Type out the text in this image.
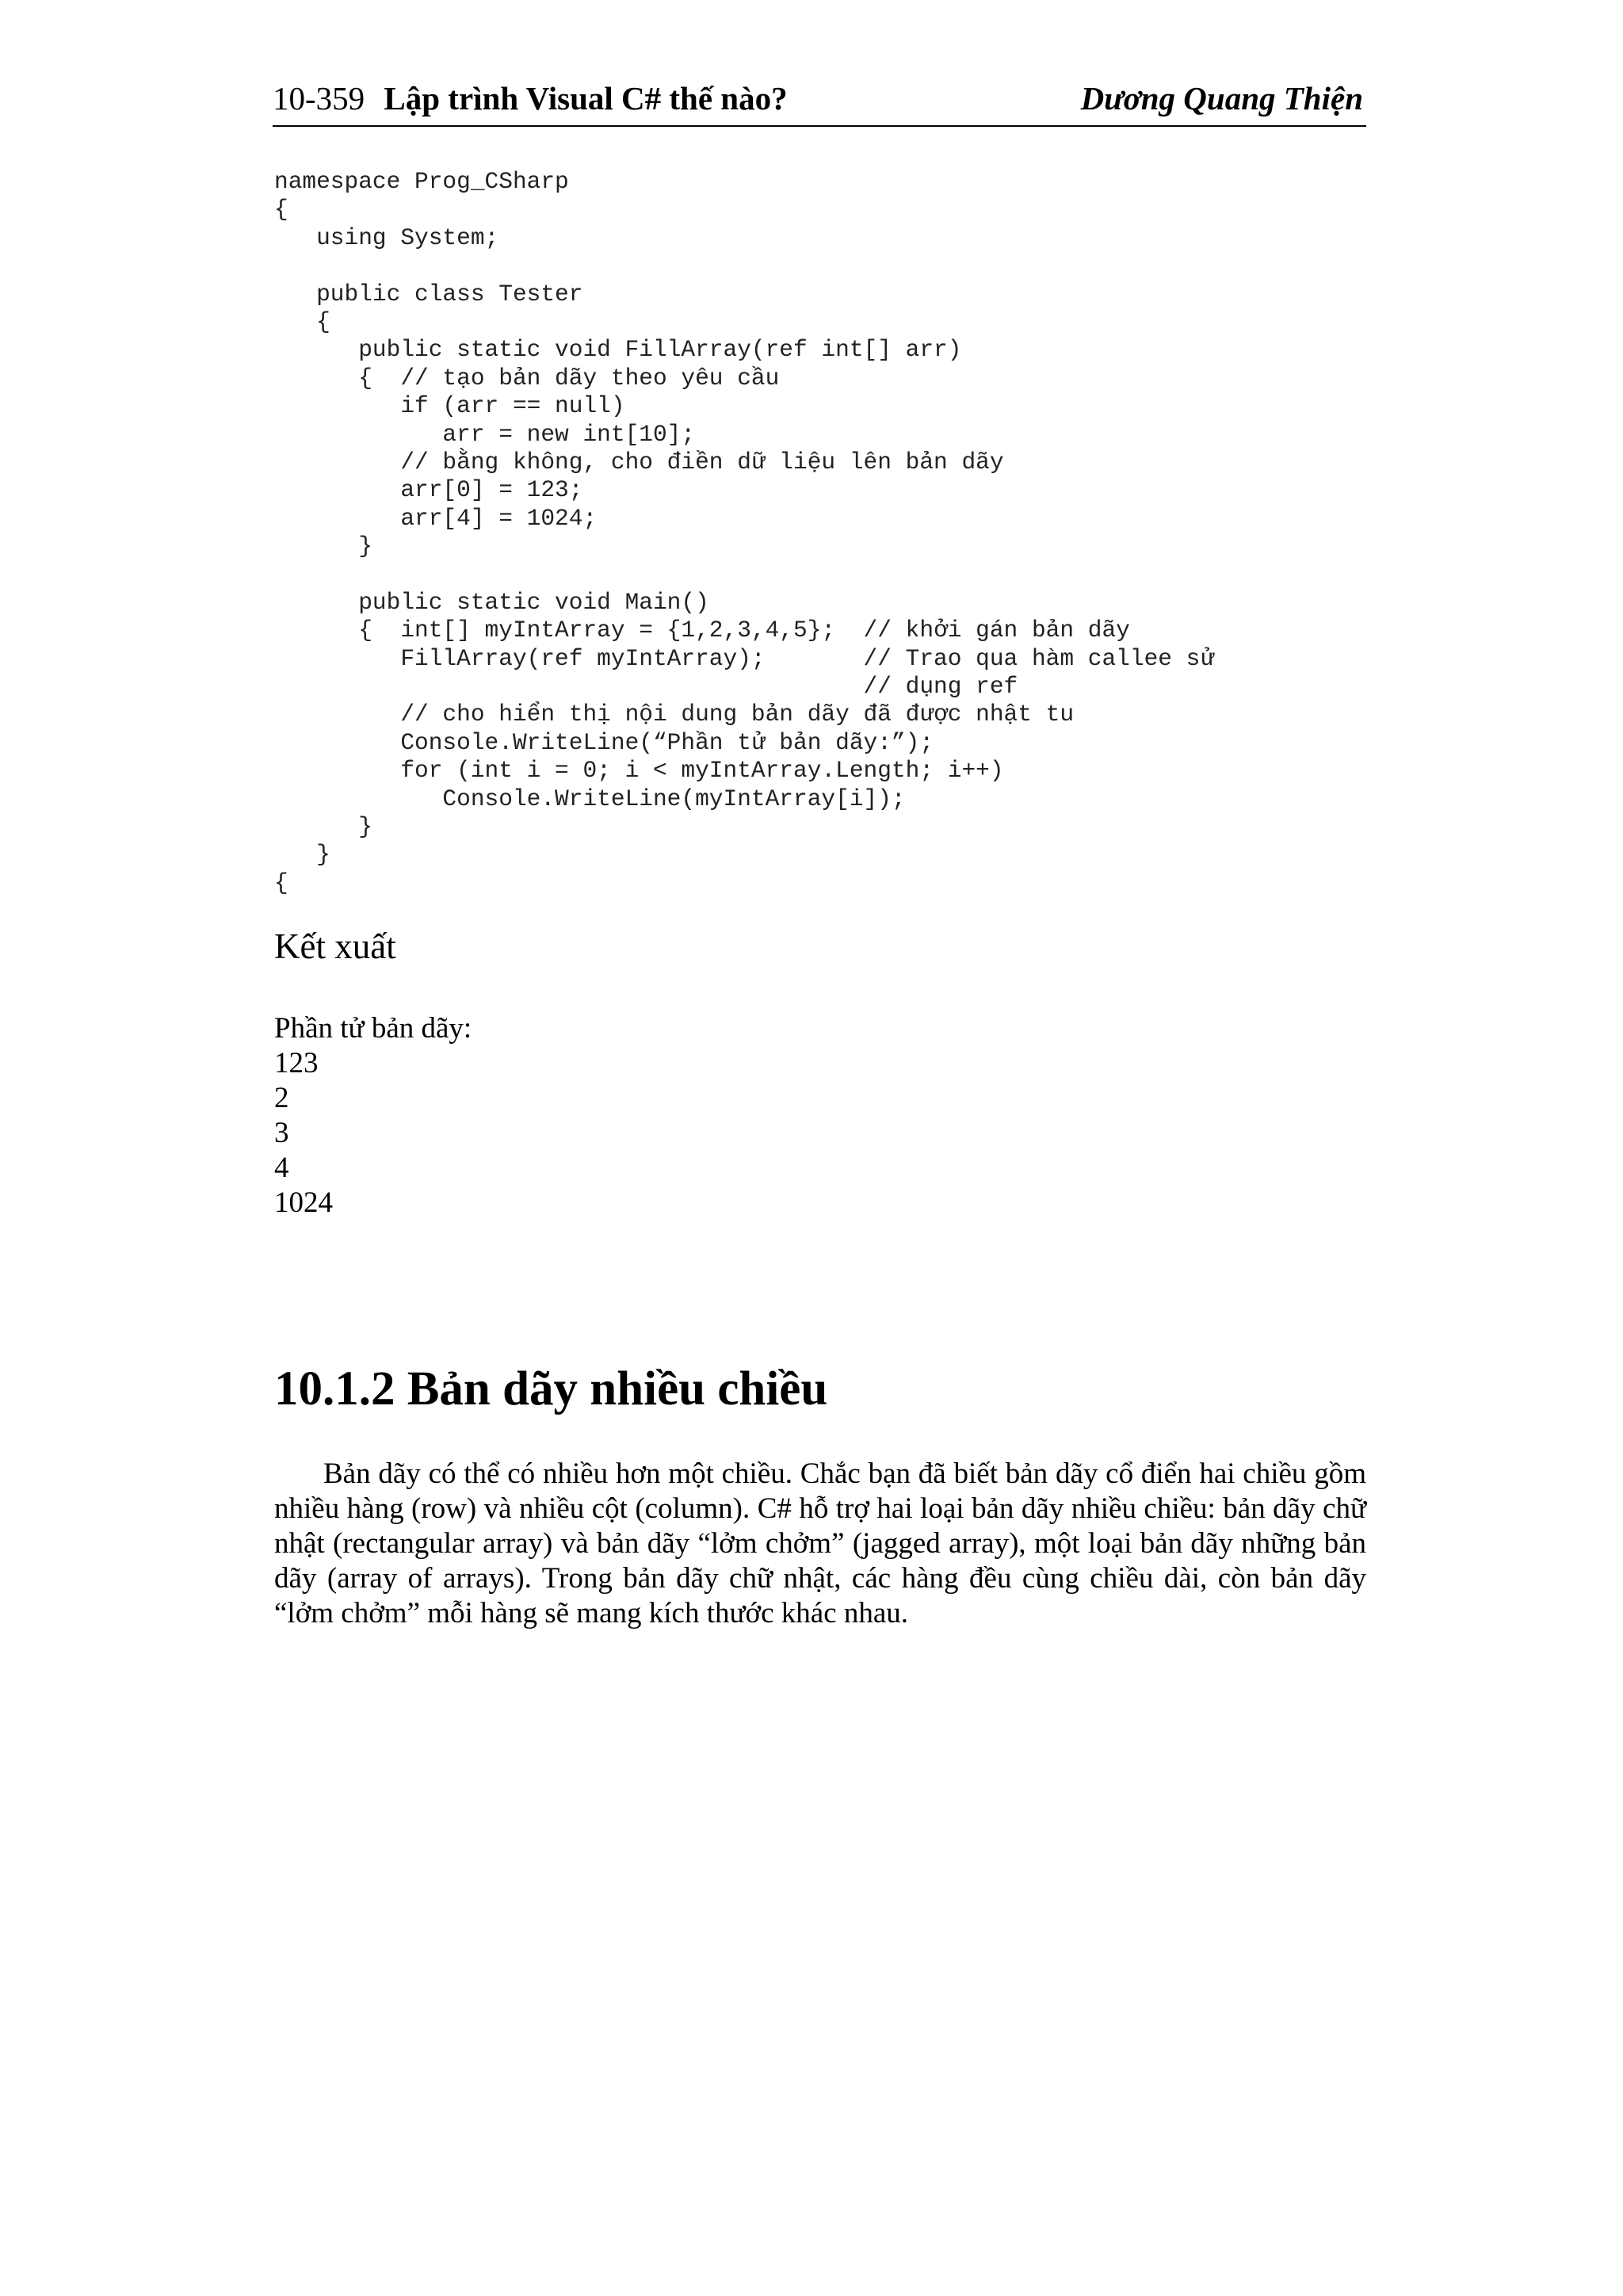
10-359 Lập trình Visual C# thế nào?	Dương Quang Thiện
namespace Prog_CSharp
{
using System;
public class Tester
{
public static void FillArray(ref int[] arr)
{  // tạo bản dãy theo yêu cầu
if (arr == null)
arr = new int[10];
// bằng không, cho điền dữ liệu lên bản dãy
arr[0] = 123;
arr[4] = 1024;
}
public static void Main()
{  int[] myIntArray = {1,2,3,4,5};  // khởi gán bản dãy
FillArray(ref myIntArray);       // Trao qua hàm callee sử
// dụng ref
// cho hiển thị nội dung bản dãy đã được nhật tu
Console.WriteLine(“Phần tử bản dãy:”);
for (int i = 0; i < myIntArray.Length; i++)
Console.WriteLine(myIntArray[i]);
}
}
{
Kết xuất
Phần tử bản dãy:
123
2
3
4
1024
10.1.2 Bản dãy nhiều chiều

Bản dãy có thể có nhiều hơn một chiều. Chắc bạn đã biết bản dãy cổ điển hai chiều gồm nhiều hàng (row) và nhiều cột (column). C# hỗ trợ hai loại bản dãy nhiều chiều: bản dãy chữ nhật (rectangular array) và bản dãy “lởm chởm” (jagged array), một loại bản dãy những bản dãy (array of arrays). Trong bản dãy chữ nhật, các hàng đều cùng chiều dài, còn bản dãy “lởm chởm” mỗi hàng sẽ mang kích thước khác nhau.
